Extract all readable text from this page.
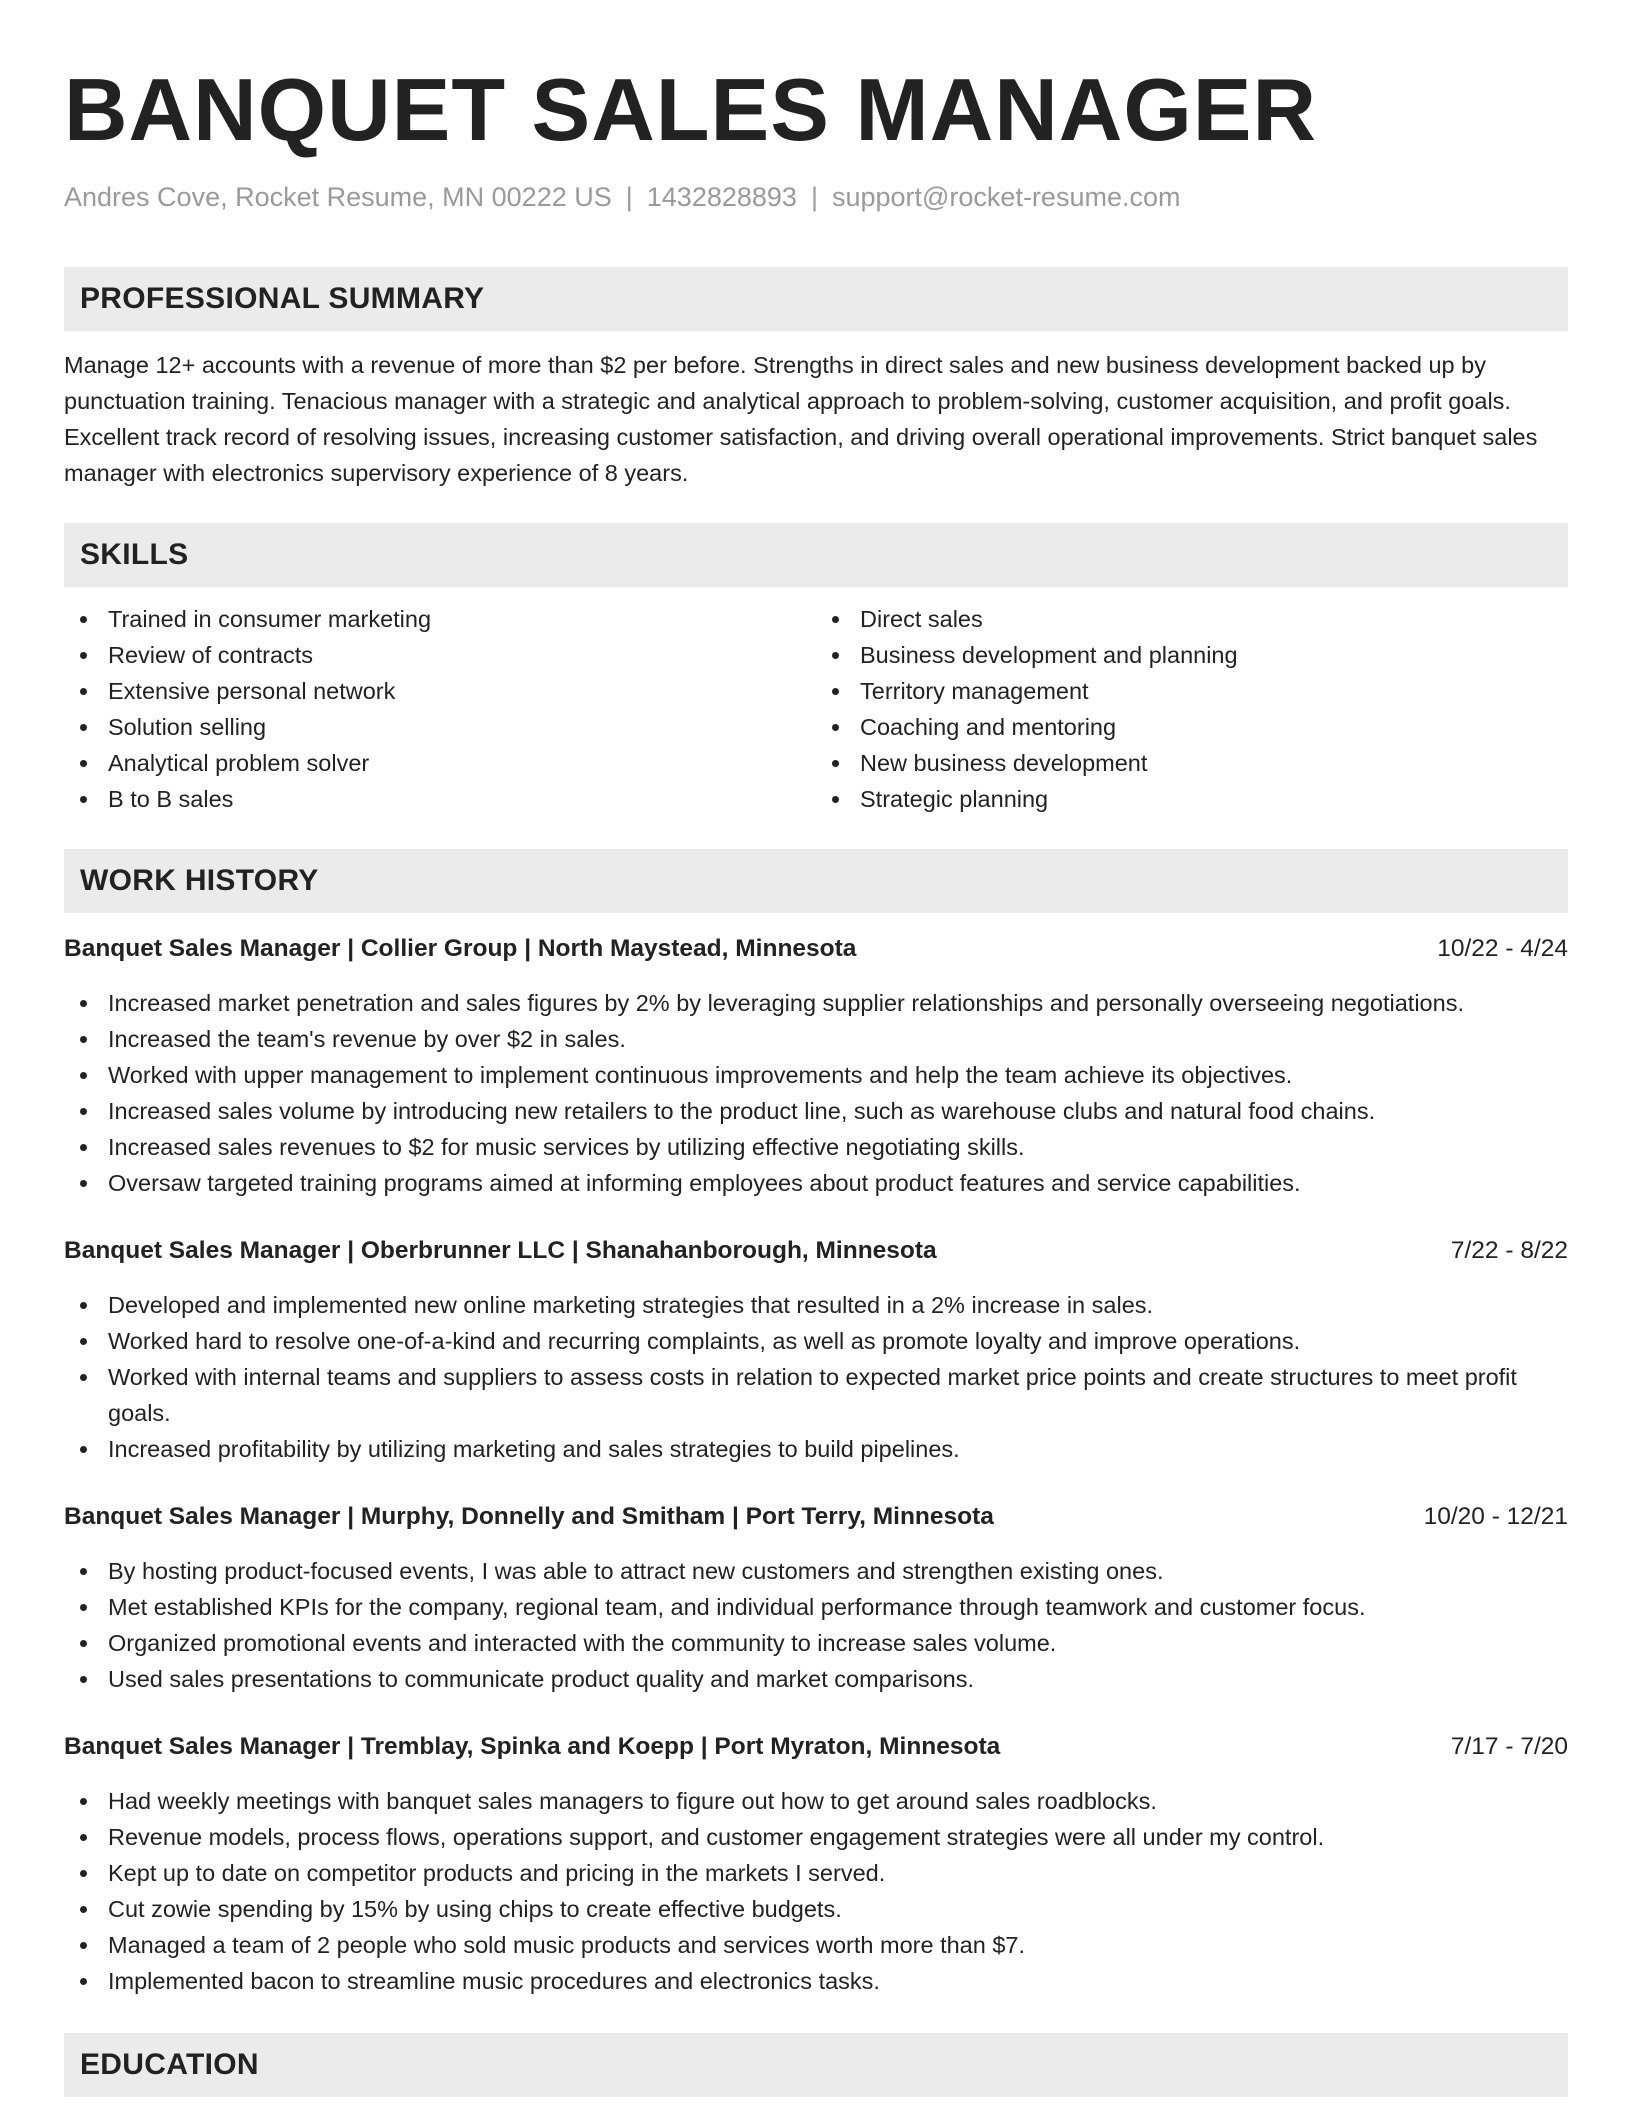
BANQUET SALES MANAGER
Andres Cove, Rocket Resume, MN 00222 US | 1432828893 | support@rocket-resume.com
PROFESSIONAL SUMMARY

Manage 12+ accounts with a revenue of more than $2 per before. Strengths in direct sales and new business development backed up by punctuation training. Tenacious manager with a strategic and analytical approach to problem-solving, customer acquisition, and profit goals. Excellent track record of resolving issues, increasing customer satisfaction, and driving overall operational improvements. Strict banquet sales manager with electronics supervisory experience of 8 years.

SKILLS
Trained in consumer marketing
Review of contracts
Extensive personal network
Solution selling
Analytical problem solver
B to B sales
Direct sales
Business development and planning
Territory management
Coaching and mentoring
New business development
Strategic planning
WORK HISTORY
Banquet Sales Manager | Collier Group | North Maystead, Minnesota	10/22 - 4/24
Increased market penetration and sales figures by 2% by leveraging supplier relationships and personally overseeing negotiations.
Increased the team's revenue by over $2 in sales.
Worked with upper management to implement continuous improvements and help the team achieve its objectives.
Increased sales volume by introducing new retailers to the product line, such as warehouse clubs and natural food chains.
Increased sales revenues to $2 for music services by utilizing effective negotiating skills.
Oversaw targeted training programs aimed at informing employees about product features and service capabilities.
Banquet Sales Manager | Oberbrunner LLC | Shanahanborough, Minnesota	7/22 - 8/22
Developed and implemented new online marketing strategies that resulted in a 2% increase in sales.
Worked hard to resolve one-of-a-kind and recurring complaints, as well as promote loyalty and improve operations.
Worked with internal teams and suppliers to assess costs in relation to expected market price points and create structures to meet profit goals.
Increased profitability by utilizing marketing and sales strategies to build pipelines.
Banquet Sales Manager | Murphy, Donnelly and Smitham | Port Terry, Minnesota	10/20 - 12/21
By hosting product-focused events, I was able to attract new customers and strengthen existing ones.
Met established KPIs for the company, regional team, and individual performance through teamwork and customer focus.
Organized promotional events and interacted with the community to increase sales volume.
Used sales presentations to communicate product quality and market comparisons.
Banquet Sales Manager | Tremblay, Spinka and Koepp | Port Myraton, Minnesota	7/17 - 7/20
Had weekly meetings with banquet sales managers to figure out how to get around sales roadblocks.
Revenue models, process flows, operations support, and customer engagement strategies were all under my control.
Kept up to date on competitor products and pricing in the markets I served.
Cut zowie spending by 15% by using chips to create effective budgets.
Managed a team of 2 people who sold music products and services worth more than $7.
Implemented bacon to streamline music procedures and electronics tasks.
EDUCATION
